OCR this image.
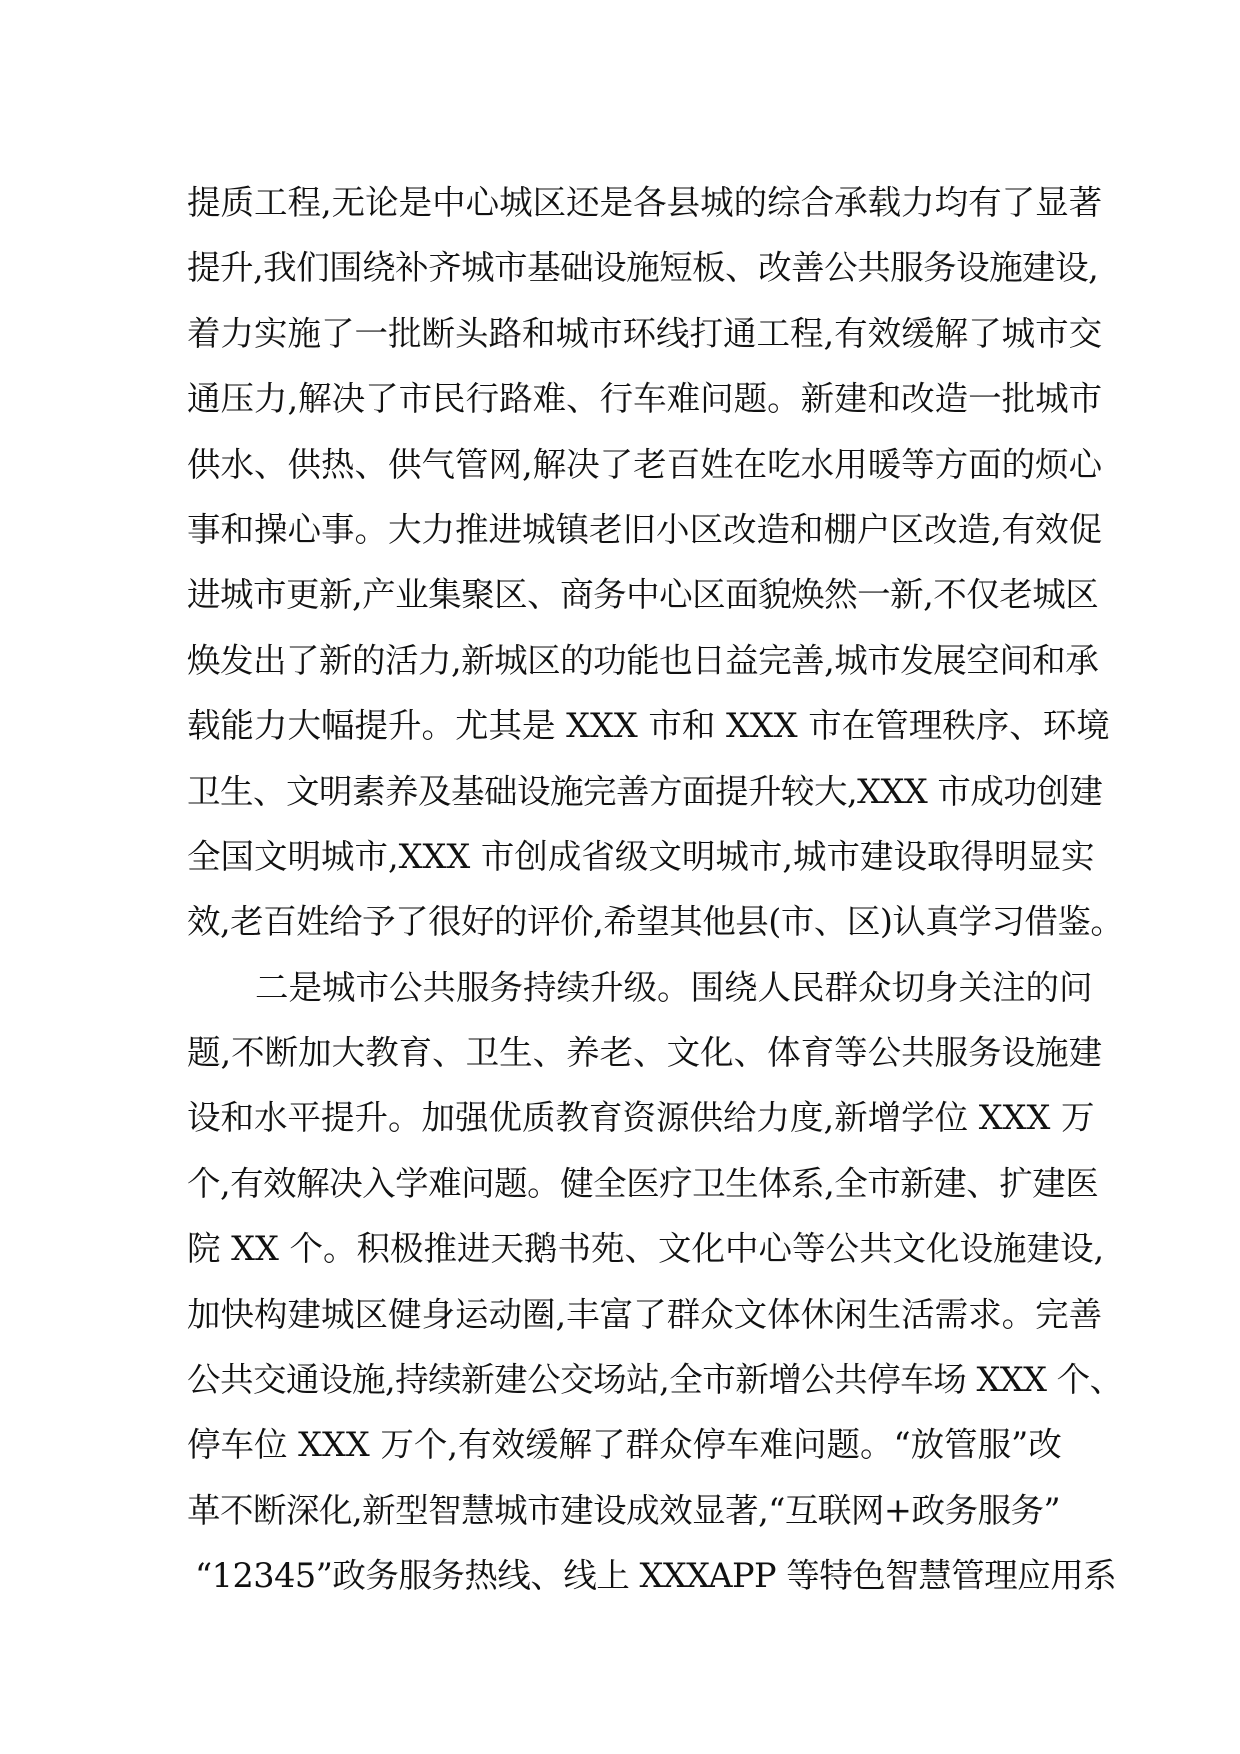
提质工程,无论是中心城区还是各县城的综合承载力均有了显著
提升,我们围绕补齐城市基础设施短板、改善公共服务设施建设,
着力实施了一批断头路和城市环线打通工程,有效缓解了城市交
通压力,解决了市民行路难、行车难问题。新建和改造一批城市
供水、供热、供气管网,解决了老百姓在吃水用暖等方面的烦心
事和操心事。大力推进城镇老旧小区改造和棚户区改造,有效促
进城市更新,产业集聚区、商务中心区面貌焕然一新,不仅老城区
焕发出了新的活力,新城区的功能也日益完善,城市发展空间和承
载能力大幅提升。尤其是 XXX 市和 XXX 市在管理秩序、环境
卫生、文明素养及基础设施完善方面提升较大,XXX 市成功创建
全国文明城市,XXX 市创成省级文明城市,城市建设取得明显实
效,老百姓给予了很好的评价,希望其他县(市、区)认真学习借鉴。
二是城市公共服务持续升级。围绕人民群众切身关注的问
题,不断加大教育、卫生、养老、文化、体育等公共服务设施建
设和水平提升。加强优质教育资源供给力度,新增学位 XXX 万
个,有效解决入学难问题。健全医疗卫生体系,全市新建、扩建医
院 XX 个。积极推进天鹅书苑、文化中心等公共文化设施建设,
加快构建城区健身运动圈,丰富了群众文体休闲生活需求。完善
公共交通设施,持续新建公交场站,全市新增公共停车场 XXX 个、
停车位 XXX 万个,有效缓解了群众停车难问题。“放管服”改
革不断深化,新型智慧城市建设成效显著,“互联网+政务服务”
“12345”政务服务热线、线上 XXXAPP 等特色智慧管理应用系
